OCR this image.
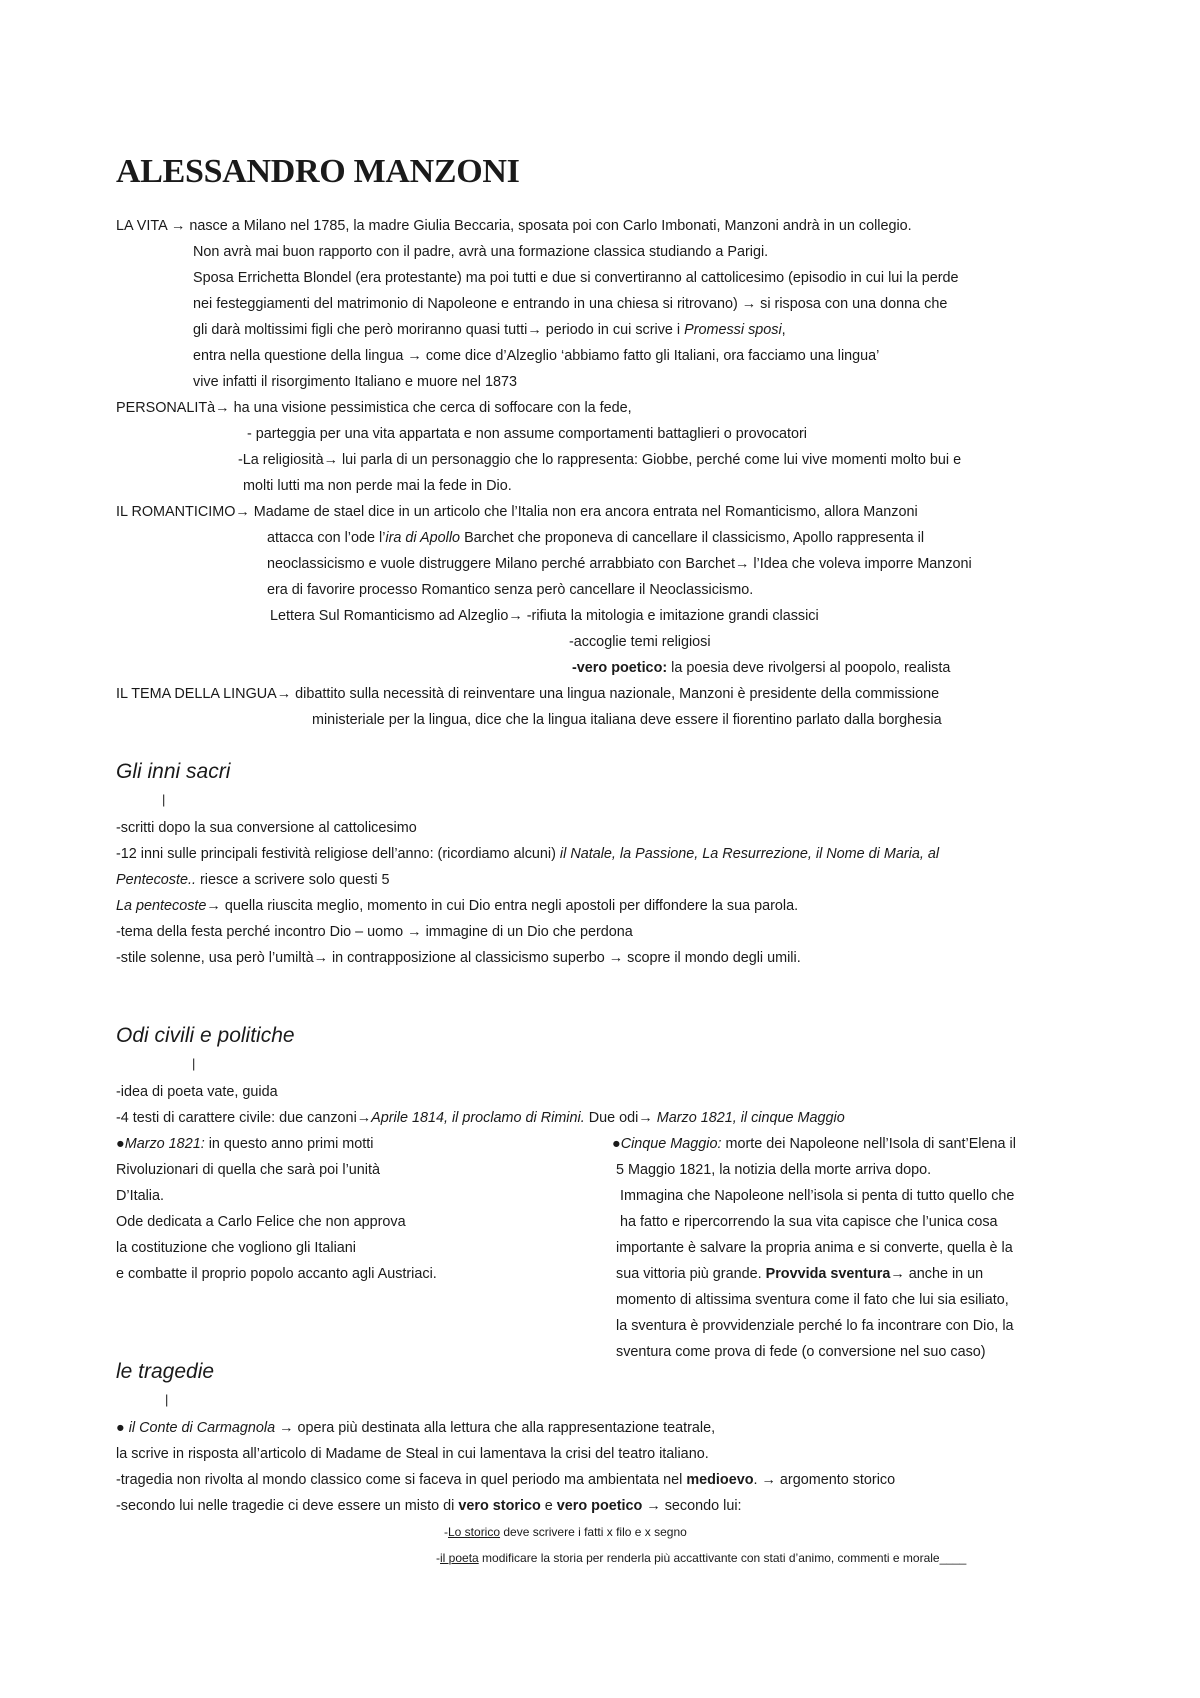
ALESSANDRO MANZONI
LA VITA → nasce a Milano nel 1785, la madre Giulia Beccaria, sposata poi con Carlo Imbonati, Manzoni andrà in un collegio.
Non avrà mai buon rapporto con il padre, avrà una formazione classica studiando a Parigi.
Sposa Errichetta Blondel (era protestante) ma poi tutti e due si convertiranno al cattolicesimo (episodio in cui lui la perde
nei festeggiamenti del matrimonio di Napoleone e entrando in una chiesa si ritrovano) → si risposa con una donna che
gli darà moltissimi figli che però moriranno quasi tutti→ periodo in cui scrive i Promessi sposi,
entra nella questione della lingua → come dice d’Alzeglio ‘abbiamo fatto gli Italiani, ora facciamo una lingua’
vive infatti il risorgimento Italiano e muore nel 1873
PERSONALITà→ ha una visione pessimistica che cerca di soffocare con la fede,
- parteggia per una vita appartata e non assume comportamenti battaglieri o provocatori
-La religiosità→ lui parla di un personaggio che lo rappresenta: Giobbe, perché come lui vive momenti molto bui e
molti lutti ma non perde mai la fede in Dio.
IL ROMANTICIMO→ Madame de stael dice in un articolo che l’Italia non era ancora entrata nel Romanticismo, allora Manzoni
attacca con l’ode l’ira di Apollo Barchet che proponeva di cancellare il classicismo, Apollo rappresenta il
neoclassicismo e vuole distruggere Milano perché arrabbiato con Barchet→ l’Idea che voleva imporre Manzoni
era di favorire processo Romantico senza però cancellare il Neoclassicismo.
Lettera Sul Romanticismo ad Alzeglio→ -rifiuta la mitologia e imitazione grandi classici
-accoglie temi religiosi
-vero poetico: la poesia deve rivolgersi al poopolo, realista
IL TEMA DELLA LINGUA→ dibattito sulla necessità di reinventare una lingua nazionale, Manzoni è presidente della commissione
ministeriale per la lingua, dice che la lingua italiana deve essere il fiorentino parlato dalla borghesia
Gli inni sacri
|
-scritti dopo la sua conversione al cattolicesimo
-12 inni sulle principali festività religiose dell’anno: (ricordiamo alcuni) il Natale, la Passione, La Resurrezione, il Nome di Maria, al
Pentecoste.. riesce a scrivere solo questi 5
La pentecoste→ quella riuscita meglio, momento in cui Dio entra negli apostoli per diffondere la sua parola.
-tema della festa perché incontro Dio – uomo → immagine di un Dio che perdona
-stile solenne, usa però l’umiltà→ in contrapposizione al classicismo superbo → scopre il mondo degli umili.
Odi civili e politiche
|
-idea di poeta vate, guida
-4 testi di carattere civile: due canzoni→Aprile 1814, il proclamo di Rimini. Due odi→ Marzo 1821, il cinque Maggio
●Marzo 1821: in questo anno primi motti
Rivoluzionari di quella che sarà poi l’unità
D’Italia.
Ode dedicata a Carlo Felice che non approva
la costituzione che vogliono gli Italiani
e combatte il proprio popolo accanto agli Austriaci.
●Cinque Maggio: morte dei Napoleone nell’Isola di sant’Elena il
5 Maggio 1821, la notizia della morte arriva dopo.
Immagina che Napoleone nell’isola si penta di tutto quello che
ha fatto e ripercorrendo la sua vita capisce che l’unica cosa
importante è salvare la propria anima e si converte, quella è la
sua vittoria più grande. Provvida sventura→ anche in un
momento di altissima sventura come il fato che lui sia esiliato,
la sventura è provvidenziale perché lo fa incontrare con Dio, la
sventura come prova di fede (o conversione nel suo caso)
le tragedie
|
● il Conte di Carmagnola → opera più destinata alla lettura che alla rappresentazione teatrale,
la scrive in risposta all’articolo di Madame de Steal in cui lamentava la crisi del teatro italiano.
-tragedia non rivolta al mondo classico come si faceva in quel periodo ma ambientata nel medioevo. → argomento storico
-secondo lui nelle tragedie ci deve essere un misto di vero storico e vero poetico → secondo lui:
-Lo storico deve scrivere i fatti x filo e x segno
-il poeta modificare la storia per renderla più accattivante con stati d’animo, commenti e morale____
